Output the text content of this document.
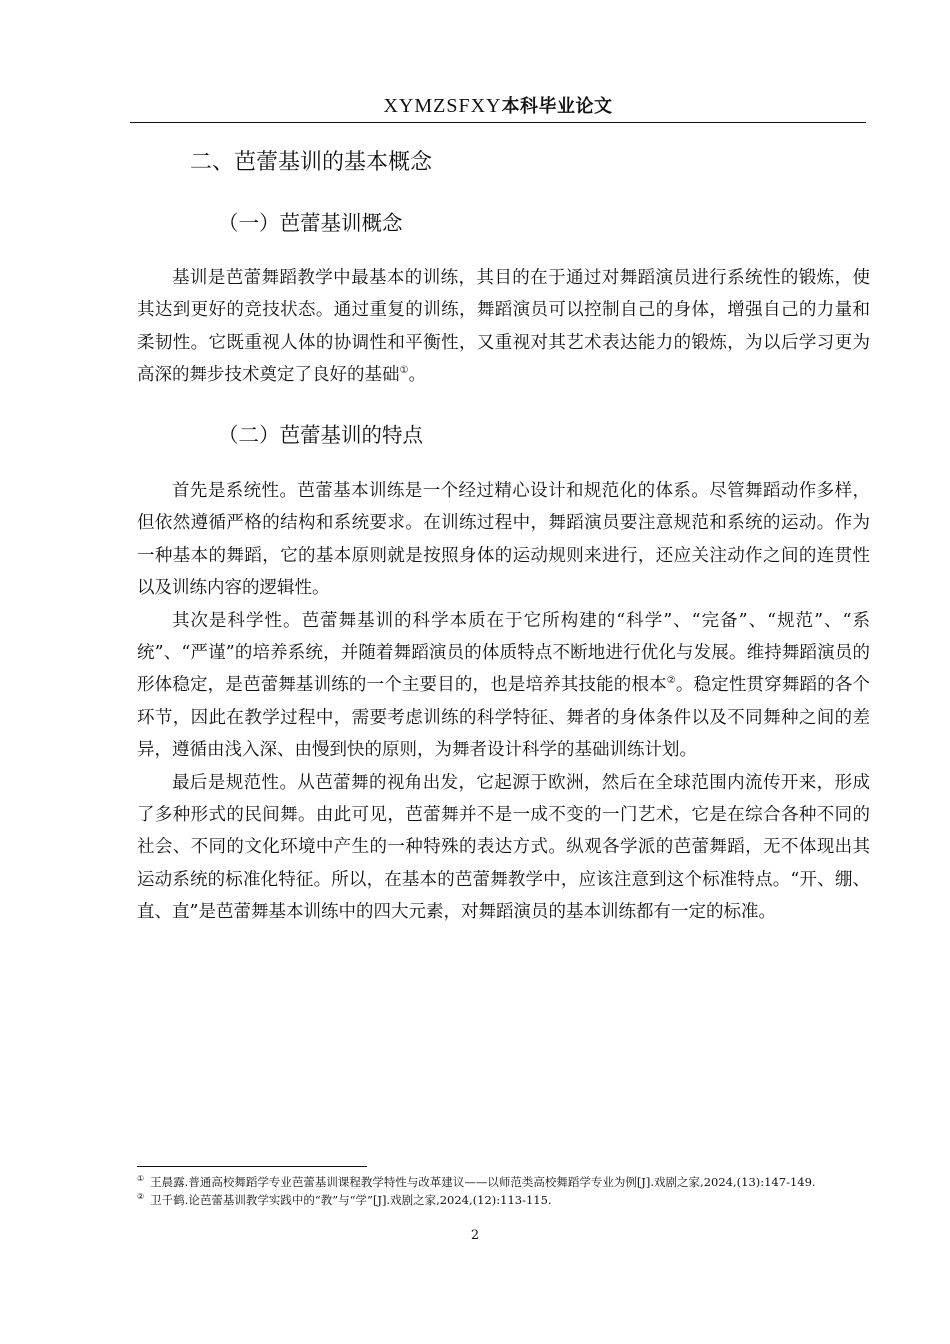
XYMZSFXY本科毕业论文
二、芭蕾基训的基本概念
（一）芭蕾基训概念

基训是芭蕾舞蹈教学中最基本的训练，其目的在于通过对舞蹈演员进行系统性的锻炼，使其达到更好的竞技状态。通过重复的训练，舞蹈演员可以控制自己的身体，增强自己的力量和柔韧性。它既重视人体的协调性和平衡性，又重视对其艺术表达能力的锻炼，为以后学习更为高深的舞步技术奠定了良好的基础①。

（二）芭蕾基训的特点

首先是系统性。芭蕾基本训练是一个经过精心设计和规范化的体系。尽管舞蹈动作多样，但依然遵循严格的结构和系统要求。在训练过程中，舞蹈演员要注意规范和系统的运动。作为一种基本的舞蹈，它的基本原则就是按照身体的运动规则来进行，还应关注动作之间的连贯性以及训练内容的逻辑性。

其次是科学性。芭蕾舞基训的科学本质在于它所构建的“科学”、“完备”、“规范”、“系统”、“严谨”的培养系统，并随着舞蹈演员的体质特点不断地进行优化与发展。维持舞蹈演员的形体稳定，是芭蕾舞基训练的一个主要目的，也是培养其技能的根本②。稳定性贯穿舞蹈的各个环节，因此在教学过程中，需要考虑训练的科学特征、舞者的身体条件以及不同舞种之间的差异，遵循由浅入深、由慢到快的原则，为舞者设计科学的基础训练计划。

最后是规范性。从芭蕾舞的视角出发，它起源于欧洲，然后在全球范围内流传开来，形成了多种形式的民间舞。由此可见，芭蕾舞并不是一成不变的一门艺术，它是在综合各种不同的社会、不同的文化环境中产生的一种特殊的表达方式。纵观各学派的芭蕾舞蹈，无不体现出其运动系统的标准化特征。所以，在基本的芭蕾舞教学中，应该注意到这个标准特点。“开、绷、直、直”是芭蕾舞基本训练中的四大元素，对舞蹈演员的基本训练都有一定的标准。

① 王晨露.普通高校舞蹈学专业芭蕾基训课程教学特性与改革建议——以师范类高校舞蹈学专业为例[J].戏剧之家,2024,(13):147-149.

② 卫千鹤.论芭蕾基训教学实践中的“教”与“学”[J].戏剧之家,2024,(12):113-115.

2
